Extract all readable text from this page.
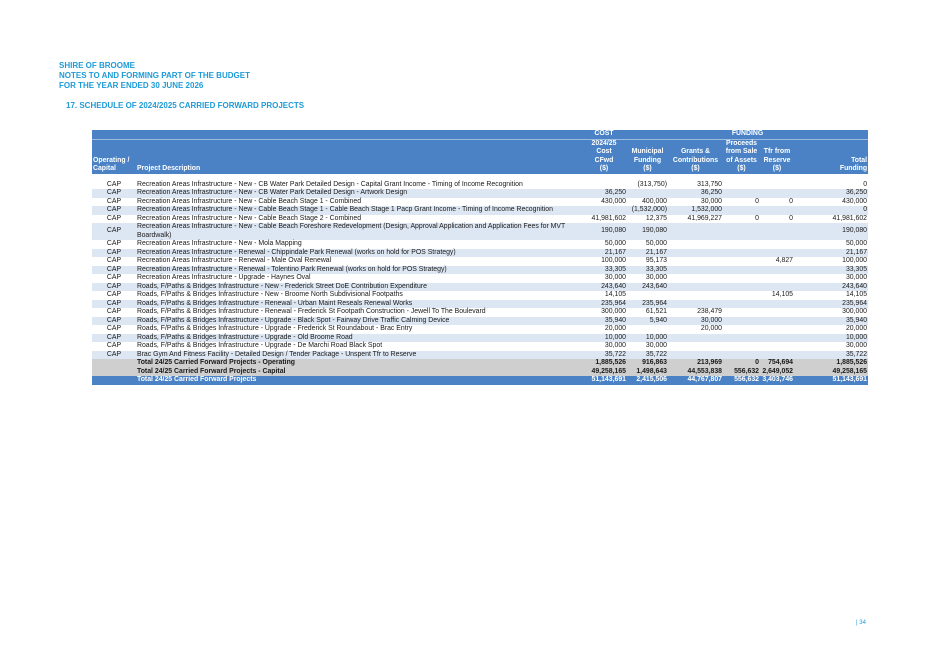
SHIRE OF BROOME
NOTES TO AND FORMING PART OF THE BUDGET
FOR THE YEAR ENDED 30 JUNE 2026
17. SCHEDULE OF 2024/2025 CARRIED FORWARD PROJECTS
		COST	FUNDING				
		2024/25			Proceeds		
		Cost	Municipal	Grants &	from Sale	Tfr from	
Operating /		CFwd	Funding	Contributions	of Assets	Reserve	Total
Capital	Project Description	($)	($)	($)	($)	($)	Funding
CAP	Recreation Areas Infrastructure - New - CB Water Park Detailed Design - Capital Grant Income - Timing of Income Recognition		(313,750)	313,750			0
CAP	Recreation Areas Infrastructure - New - CB Water Park Detailed Design - Artwork Design	36,250		36,250			36,250
CAP	Recreation Areas Infrastructure - New - Cable Beach Stage 1 - Combined	430,000	400,000	30,000	0	0	430,000
CAP	Recreation Areas Infrastructure - New - Cable Beach Stage 1 - Cable Beach Stage 1 Pacp Grant Income - Timing of Income Recognition		(1,532,000)	1,532,000			0
CAP	Recreation Areas Infrastructure - New - Cable Beach Stage 2 - Combined	41,981,602	12,375	41,969,227	0	0	41,981,602
CAP	Recreation Areas Infrastructure - New - Cable Beach Foreshore Redevelopment (Design, Approval Application and Application Fees for MVT Boardwalk)	190,080	190,080				190,080
CAP	Recreation Areas Infrastructure - New - Mola Mapping	50,000	50,000				50,000
CAP	Recreation Areas Infrastructure - Renewal - Chippindale Park Renewal (works on hold for POS Strategy)	21,167	21,167				21,167
CAP	Recreation Areas Infrastructure - Renewal - Male Oval Renewal	100,000	95,173			4,827	100,000
CAP	Recreation Areas Infrastructure - Renewal - Tolentino Park Renewal (works on hold for POS Strategy)	33,305	33,305				33,305
CAP	Recreation Areas Infrastructure - Upgrade - Haynes Oval	30,000	30,000				30,000
CAP	Roads, F/Paths & Bridges Infrastructure - New - Frederick Street DoE Contribution Expenditure	243,640	243,640				243,640
CAP	Roads, F/Paths & Bridges Infrastructure - New - Broome North Subdivisional Footpaths	14,105				14,105	14,105
CAP	Roads, F/Paths & Bridges Infrastructure - Renewal - Urban Maint Reseals Renewal Works	235,964	235,964				235,964
CAP	Roads, F/Paths & Bridges Infrastructure - Renewal - Frederick St Footpath Construction - Jewell To The Boulevard	300,000	61,521	238,479			300,000
CAP	Roads, F/Paths & Bridges Infrastructure - Upgrade - Black Spot - Fairway Drive Traffic Calming Device	35,940	5,940	30,000			35,940
CAP	Roads, F/Paths & Bridges Infrastructure - Upgrade - Frederick St Roundabout - Brac Entry	20,000		20,000			20,000
CAP	Roads, F/Paths & Bridges Infrastructure - Upgrade - Old Broome Road	10,000	10,000				10,000
CAP	Roads, F/Paths & Bridges Infrastructure - Upgrade - De Marchi Road Black Spot	30,000	30,000				30,000
CAP	Brac Gym And Fitness Facility - Detailed Design / Tender Package - Unspent Tfr to Reserve	35,722	35,722				35,722
	Total 24/25 Carried Forward Projects - Operating	1,885,526	916,863	213,969	0	754,694	1,885,526
	Total 24/25 Carried Forward Projects - Capital	49,258,165	1,498,643	44,553,838	556,632	2,649,052	49,258,165
	Total 24/25 Carried Forward Projects	51,143,691	2,415,506	44,767,807	556,632	3,403,746	51,143,691
| 34
